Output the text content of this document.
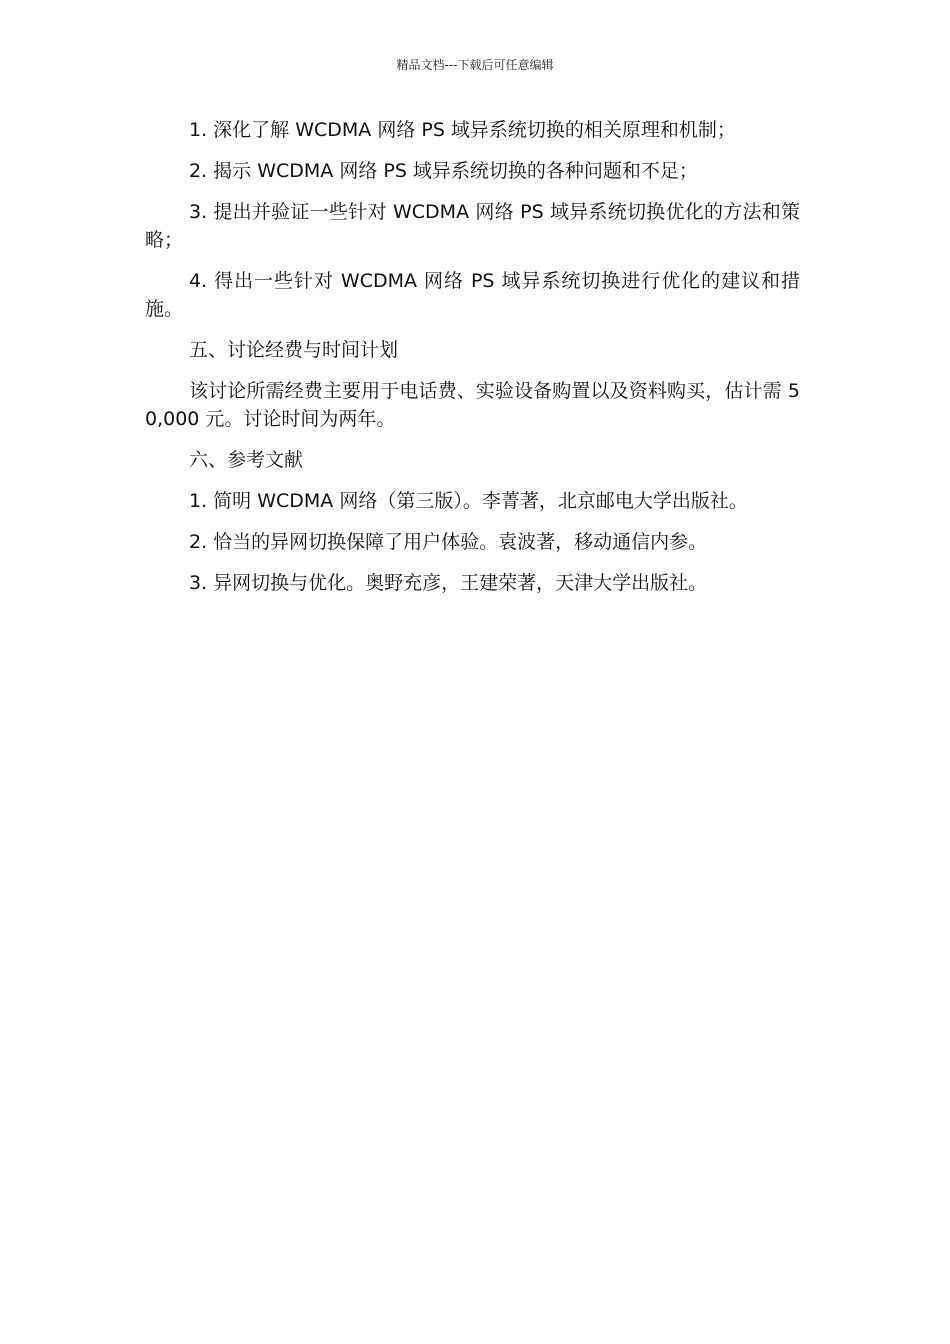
精品文档---下载后可任意编辑

1. 深化了解 WCDMA 网络 PS 域异系统切换的相关原理和机制；

2. 揭示 WCDMA 网络 PS 域异系统切换的各种问题和不足；

3. 提出并验证一些针对 WCDMA 网络 PS 域异系统切换优化的方法和策略；

4. 得出一些针对 WCDMA 网络 PS 域异系统切换进行优化的建议和措施。

五、讨论经费与时间计划

该讨论所需经费主要用于电话费、实验设备购置以及资料购买，估计需 50,000 元。讨论时间为两年。

六、参考文献

1. 简明 WCDMA 网络（第三版）。李菁著，北京邮电大学出版社。

2. 恰当的异网切换保障了用户体验。袁波著，移动通信内参。

3. 异网切换与优化。奥野充彦，王建荣著，天津大学出版社。
